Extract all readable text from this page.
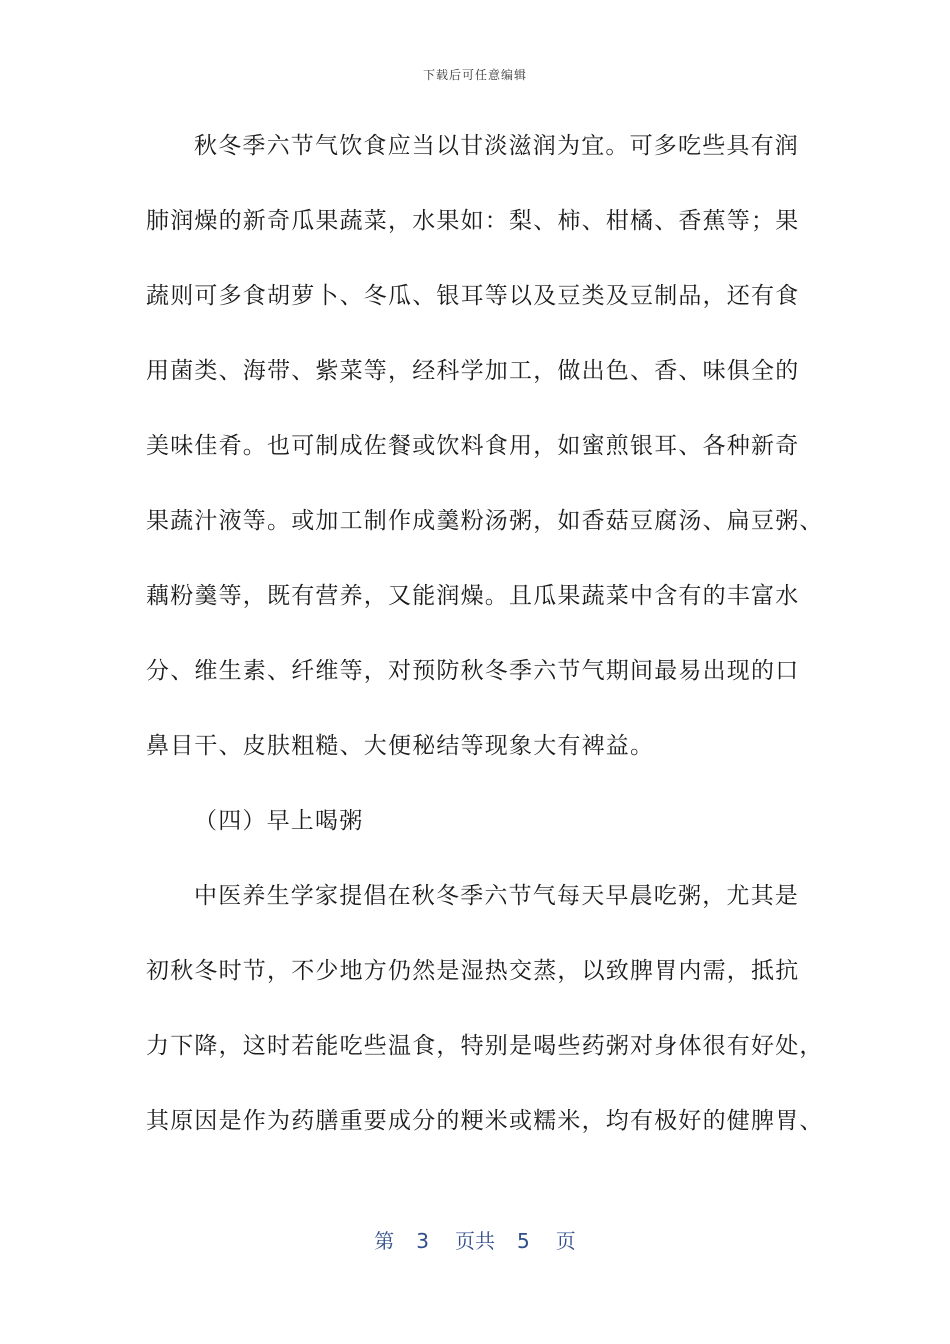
下载后可任意编辑
秋冬季六节气饮食应当以甘淡滋润为宜。可多吃些具有润
肺润燥的新奇瓜果蔬菜，水果如：梨、柿、柑橘、香蕉等；果
蔬则可多食胡萝卜、冬瓜、银耳等以及豆类及豆制品，还有食
用菌类、海带、紫菜等，经科学加工，做出色、香、味俱全的
美味佳肴。也可制成佐餐或饮料食用，如蜜煎银耳、各种新奇
果蔬汁液等。或加工制作成羹粉汤粥，如香菇豆腐汤、扁豆粥、
藕粉羹等，既有营养，又能润燥。且瓜果蔬菜中含有的丰富水
分、维生素、纤维等，对预防秋冬季六节气期间最易出现的口
鼻目干、皮肤粗糙、大便秘结等现象大有裨益。
（四）早上喝粥
中医养生学家提倡在秋冬季六节气每天早晨吃粥，尤其是
初秋冬时节，不少地方仍然是湿热交蒸，以致脾胃内需，抵抗
力下降，这时若能吃些温食，特别是喝些药粥对身体很有好处，
其原因是作为药膳重要成分的粳米或糯米，均有极好的健脾胃、
第 3 页共 5 页
